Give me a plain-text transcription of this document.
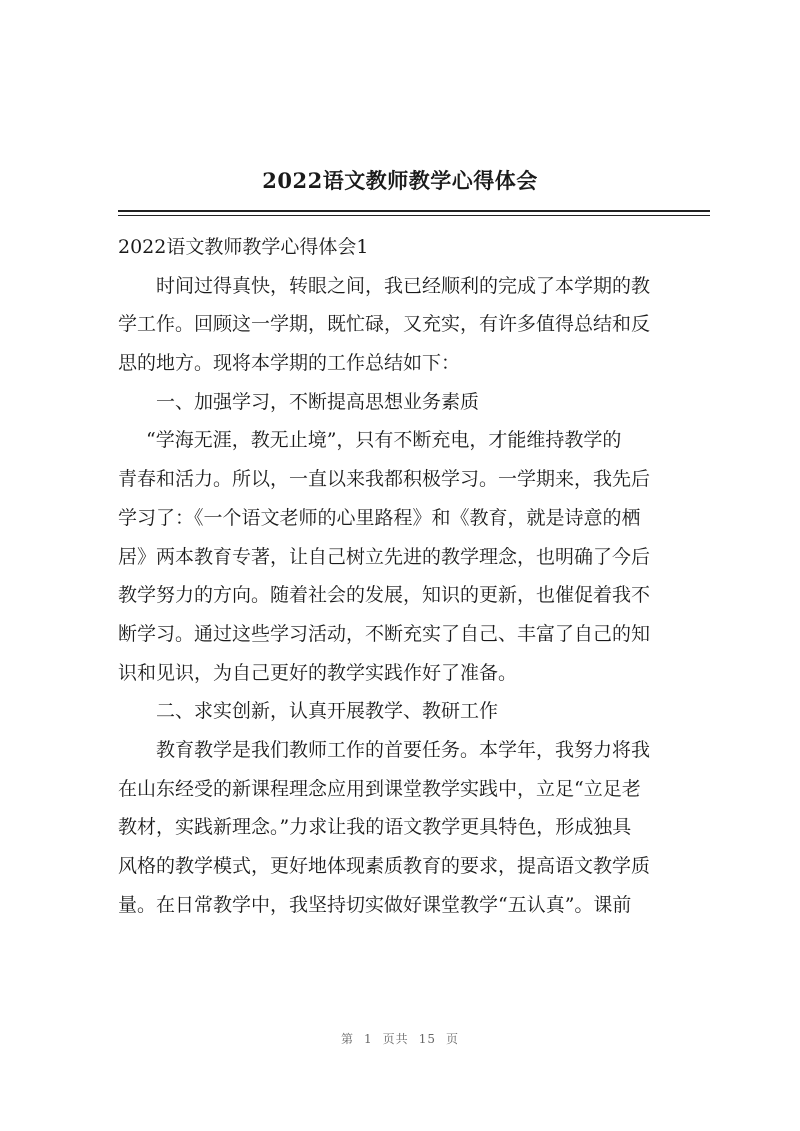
2022语文教师教学心得体会
2022语文教师教学心得体会1
时间过得真快，转眼之间，我已经顺利的完成了本学期的教
学工作。回顾这一学期，既忙碌，又充实，有许多值得总结和反
思的地方。现将本学期的工作总结如下：
一、加强学习，不断提高思想业务素质
“学海无涯，教无止境”，只有不断充电，才能维持教学的
青春和活力。所以，一直以来我都积极学习。一学期来，我先后
学习了：《一个语文老师的心里路程》和《教育，就是诗意的栖
居》两本教育专著，让自己树立先进的教学理念，也明确了今后
教学努力的方向。随着社会的发展，知识的更新，也催促着我不
断学习。通过这些学习活动，不断充实了自己、丰富了自己的知
识和见识，为自己更好的教学实践作好了准备。
二、求实创新，认真开展教学、教研工作
教育教学是我们教师工作的首要任务。本学年，我努力将我
在山东经受的新课程理念应用到课堂教学实践中，立足“立足老
教材，实践新理念。”力求让我的语文教学更具特色，形成独具
风格的教学模式，更好地体现素质教育的要求，提高语文教学质
量。在日常教学中，我坚持切实做好课堂教学“五认真”。课前
第 1 页共 15 页
